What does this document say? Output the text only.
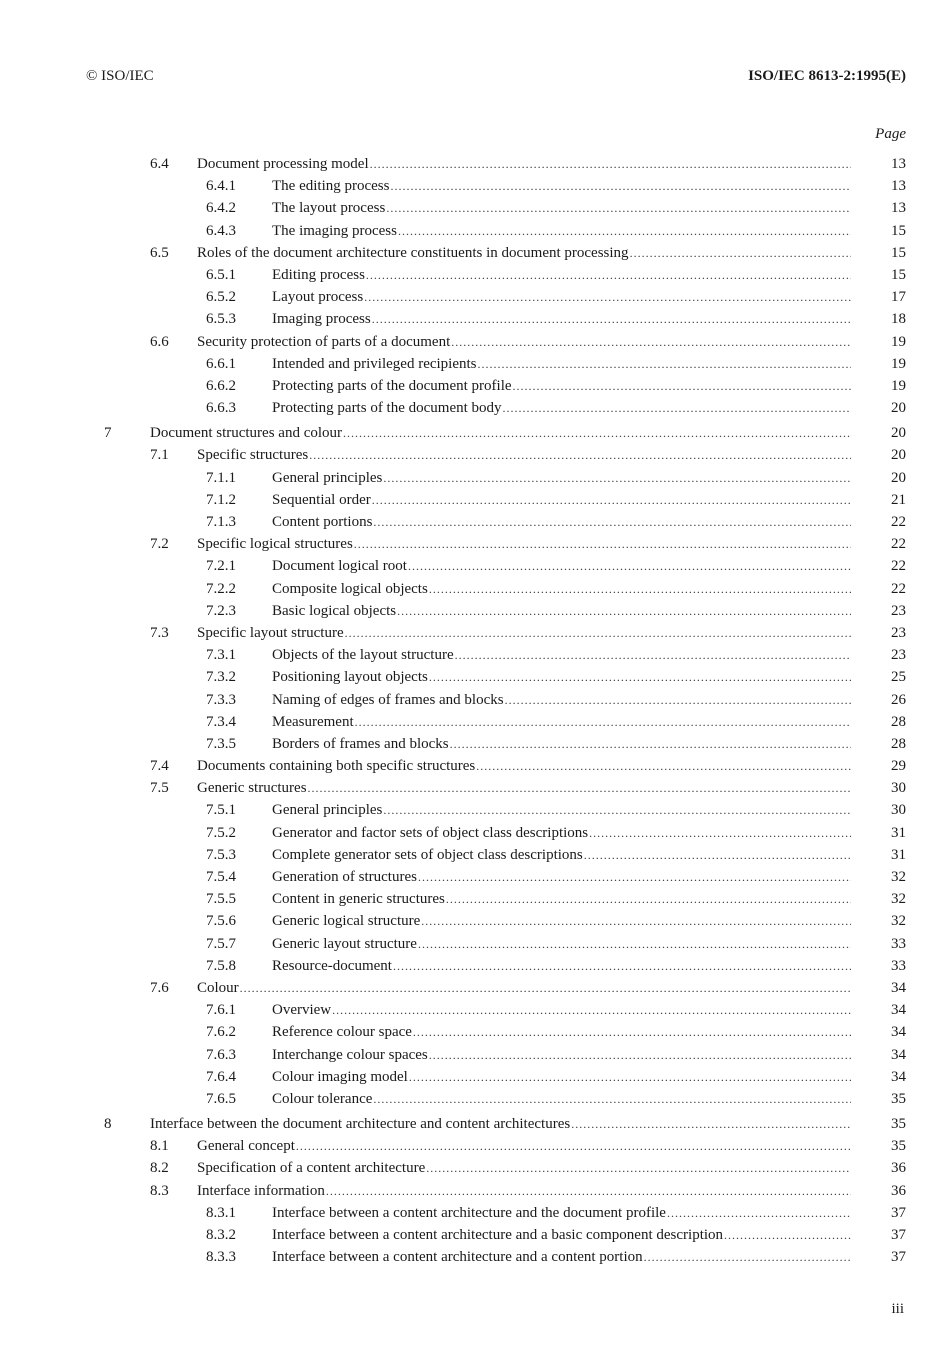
© ISO/IEC	ISO/IEC 8613-2:1995(E)
Page
6.4 Document processing model .....	13
6.4.1 The editing process .....	13
6.4.2 The layout process .....	13
6.4.3 The imaging process .....	15
6.5 Roles of the document architecture constituents in document processing .....	15
6.5.1 Editing process .....	15
6.5.2 Layout process .....	17
6.5.3 Imaging process .....	18
6.6 Security protection of parts of a document .....	19
6.6.1 Intended and privileged recipients .....	19
6.6.2 Protecting parts of the document profile .....	19
6.6.3 Protecting parts of the document body .....	20
7	Document structures and colour .....	20
7.1 Specific structures .....	20
7.1.1 General principles .....	20
7.1.2 Sequential order .....	21
7.1.3 Content portions .....	22
7.2 Specific logical structures .....	22
7.2.1 Document logical root .....	22
7.2.2 Composite logical objects .....	22
7.2.3 Basic logical objects .....	23
7.3 Specific layout structure .....	23
7.3.1 Objects of the layout structure .....	23
7.3.2 Positioning layout objects .....	25
7.3.3 Naming of edges of frames and blocks .....	26
7.3.4 Measurement .....	28
7.3.5 Borders of frames and blocks .....	28
7.4 Documents containing both specific structures .....	29
7.5 Generic structures .....	30
7.5.1 General principles .....	30
7.5.2 Generator and factor sets of object class descriptions .....	31
7.5.3 Complete generator sets of object class descriptions .....	31
7.5.4 Generation of structures .....	32
7.5.5 Content in generic structures .....	32
7.5.6 Generic logical structure .....	32
7.5.7 Generic layout structure .....	33
7.5.8 Resource-document .....	33
7.6 Colour .....	34
7.6.1 Overview .....	34
7.6.2 Reference colour space .....	34
7.6.3 Interchange colour spaces .....	34
7.6.4 Colour imaging model .....	34
7.6.5 Colour tolerance .....	35
8	Interface between the document architecture and content architectures .....	35
8.1 General concept .....	35
8.2 Specification of a content architecture .....	36
8.3 Interface information .....	36
8.3.1 Interface between a content architecture and the document profile .....	37
8.3.2 Interface between a content architecture and a basic component description .....	37
8.3.3 Interface between a content architecture and a content portion .....	37
iii
